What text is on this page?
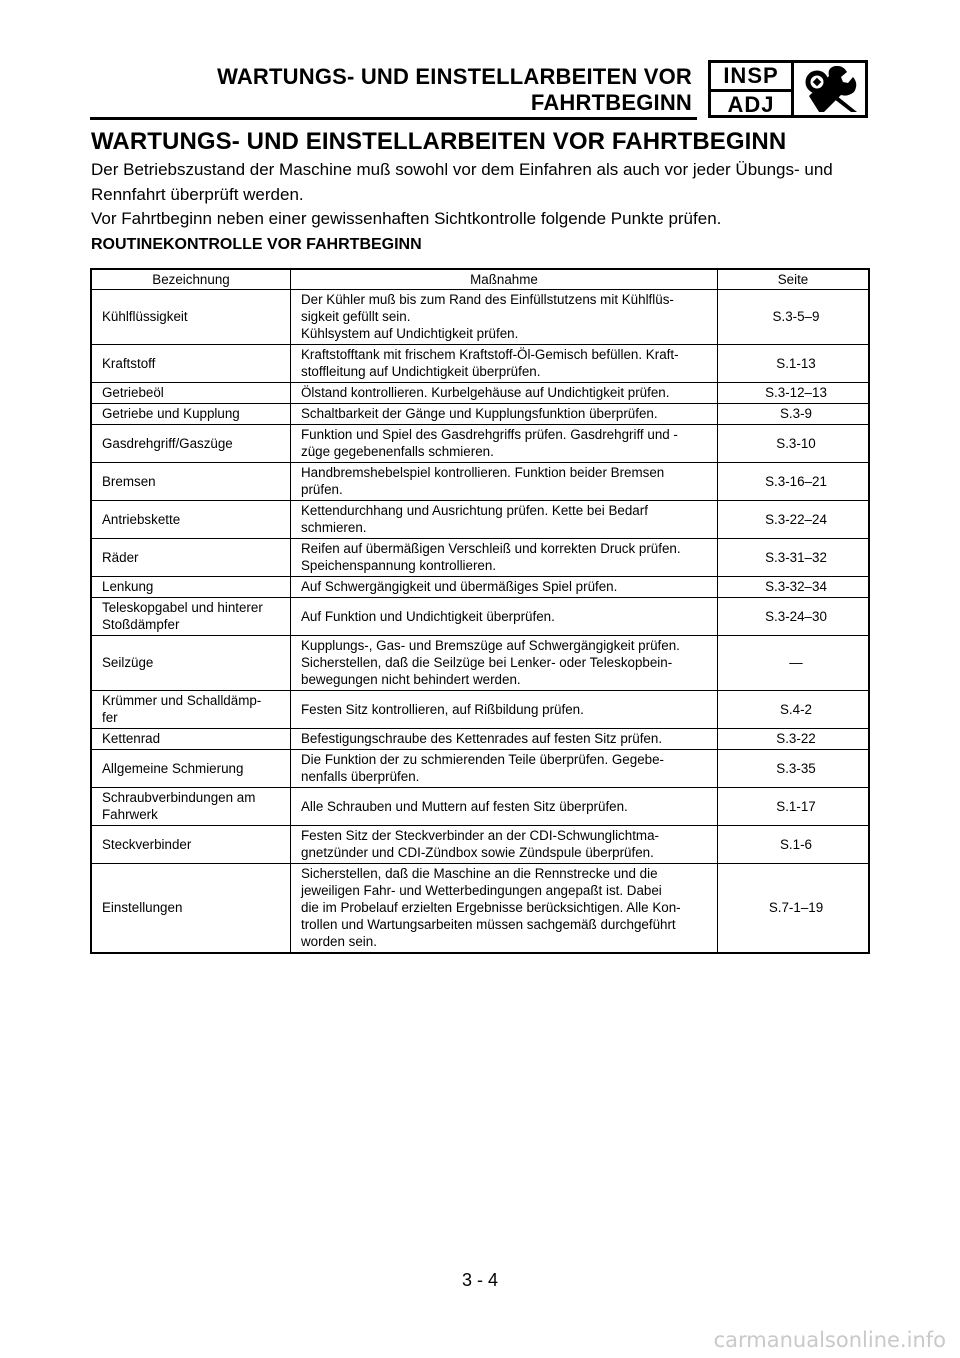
WARTUNGS- UND EINSTELLARBEITEN VOR
FAHRTBEGINN
INSP
ADJ
WARTUNGS- UND EINSTELLARBEITEN VOR FAHRTBEGINN

Der Betriebszustand der Maschine muß sowohl vor dem Einfahren als auch vor jeder Übungs- und Rennfahrt überprüft werden.

Vor Fahrtbeginn neben einer gewissenhaften Sichtkontrolle folgende Punkte prüfen.

ROUTINEKONTROLLE VOR FAHRTBEGINN
Bezeichnung	Maßnahme	Seite
Kühlflüssigkeit	Der Kühler muß bis zum Rand des Einfüllstutzens mit Kühlflüs-
sigkeit gefüllt sein.
Kühlsystem auf Undichtigkeit prüfen.	S.3-5–9
Kraftstoff	Kraftstofftank mit frischem Kraftstoff-Öl-Gemisch befüllen. Kraft-
stoffleitung auf Undichtigkeit überprüfen.	S.1-13
Getriebeöl	Ölstand kontrollieren. Kurbelgehäuse auf Undichtigkeit prüfen.	S.3-12–13
Getriebe und Kupplung	Schaltbarkeit der Gänge und Kupplungsfunktion überprüfen.	S.3-9
Gasdrehgriff/Gaszüge	Funktion und Spiel des Gasdrehgriffs prüfen. Gasdrehgriff und -
züge gegebenenfalls schmieren.	S.3-10
Bremsen	Handbremshebelspiel kontrollieren. Funktion beider Bremsen
prüfen.	S.3-16–21
Antriebskette	Kettendurchhang und Ausrichtung prüfen. Kette bei Bedarf
schmieren.	S.3-22–24
Räder	Reifen auf übermäßigen Verschleiß und korrekten Druck prüfen.
Speichenspannung kontrollieren.	S.3-31–32
Lenkung	Auf Schwergängigkeit und übermäßiges Spiel prüfen.	S.3-32–34
Teleskopgabel und hinterer
Stoßdämpfer	Auf Funktion und Undichtigkeit überprüfen.	S.3-24–30
Seilzüge	Kupplungs-, Gas- und Bremszüge auf Schwergängigkeit prüfen.
Sicherstellen, daß die Seilzüge bei Lenker- oder Teleskopbein-
bewegungen nicht behindert werden.	—
Krümmer und Schalldämp-
fer	Festen Sitz kontrollieren, auf Rißbildung prüfen.	S.4-2
Kettenrad	Befestigungschraube des Kettenrades auf festen Sitz prüfen.	S.3-22
Allgemeine Schmierung	Die Funktion der zu schmierenden Teile überprüfen. Gegebe-
nenfalls überprüfen.	S.3-35
Schraubverbindungen am
Fahrwerk	Alle Schrauben und Muttern auf festen Sitz überprüfen.	S.1-17
Steckverbinder	Festen Sitz der Steckverbinder an der CDI-Schwunglichtma-
gnetzünder und CDI-Zündbox sowie Zündspule überprüfen.	S.1-6
Einstellungen	Sicherstellen, daß die Maschine an die Rennstrecke und die
jeweiligen Fahr- und Wetterbedingungen angepaßt ist. Dabei
die im Probelauf erzielten Ergebnisse berücksichtigen. Alle Kon-
trollen und Wartungsarbeiten müssen sachgemäß durchgeführt
worden sein.	S.7-1–19
3 - 4
carmanualsonline.info
